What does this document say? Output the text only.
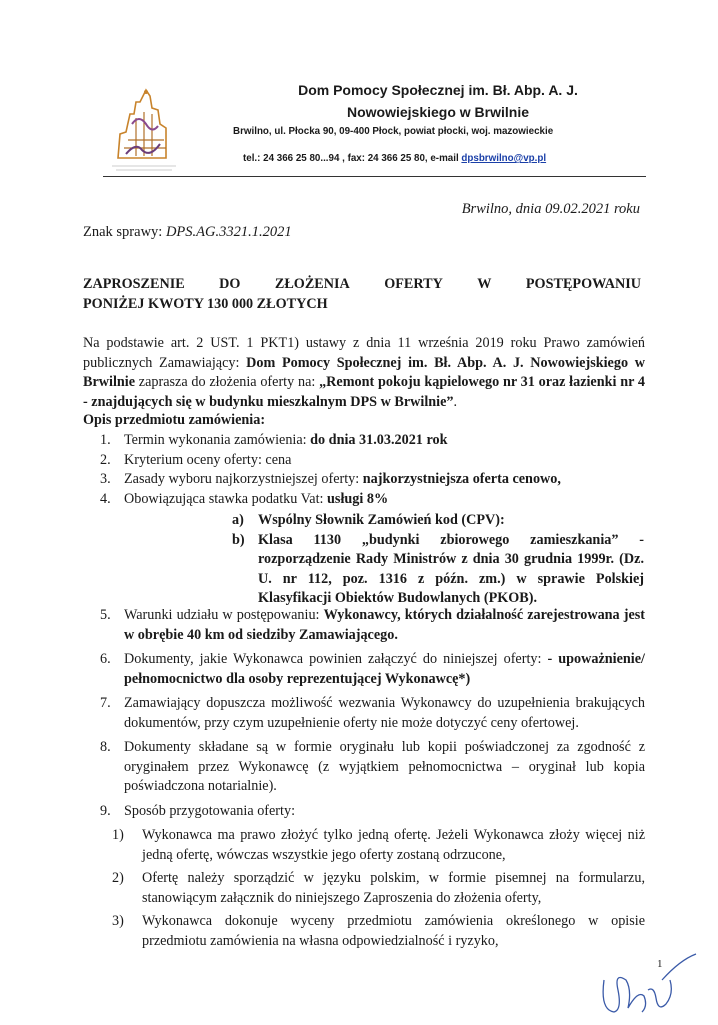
Dom Pomocy Społecznej im. Bł. Abp. A. J.
Nowowiejskiego w Brwilnie
Brwilno, ul. Płocka 90, 09-400 Płock, powiat płocki, woj. mazowieckie
tel.: 24 366 25 80...94 , fax: 24 366 25 80, e-mail dpsbrwilno@vp.pl
Brwilno, dnia 09.02.2021 roku
Znak sprawy: DPS.AG.3321.1.2021
ZAPROSZENIE DO ZŁOŻENIA OFERTY W POSTĘPOWANIU
PONIŻEJ KWOTY 130 000 ZŁOTYCH
Na podstawie art. 2 UST. 1 PKT1) ustawy z dnia 11 września 2019 roku Prawo zamówień publicznych Zamawiający: Dom Pomocy Społecznej im. Bł. Abp. A. J. Nowowiejskiego w Brwilnie zaprasza do złożenia oferty na: „Remont pokoju kąpielowego nr 31 oraz łazienki nr 4 - znajdujących się w budynku mieszkalnym DPS w Brwilnie”.
Opis przedmiotu zamówienia:
1. Termin wykonania zamówienia: do dnia 31.03.2021 rok
2. Kryterium oceny oferty: cena
3. Zasady wyboru najkorzystniejszej oferty: najkorzystniejsza oferta cenowo,
4. Obowiązująca stawka podatku Vat: usługi 8%
a) Wspólny Słownik Zamówień kod (CPV):
b) Klasa 1130 „budynki zbiorowego zamieszkania” - rozporządzenie Rady Ministrów z dnia 30 grudnia 1999r. (Dz. U. nr 112, poz. 1316 z późn. zm.) w sprawie Polskiej Klasyfikacji Obiektów Budowlanych (PKOB).
5. Warunki udziału w postępowaniu: Wykonawcy, których działalność zarejestrowana jest w obrębie 40 km od siedziby Zamawiającego.
6. Dokumenty, jakie Wykonawca powinien załączyć do niniejszej oferty: - upoważnienie/ pełnomocnictwo dla osoby reprezentującej Wykonawcę*)
7. Zamawiający dopuszcza możliwość wezwania Wykonawcy do uzupełnienia brakujących dokumentów, przy czym uzupełnienie oferty nie może dotyczyć ceny ofertowej.
8. Dokumenty składane są w formie oryginału lub kopii poświadczonej za zgodność z oryginałem przez Wykonawcę (z wyjątkiem pełnomocnictwa – oryginał lub kopia poświadczona notarialnie).
9. Sposób przygotowania oferty:
1)	Wykonawca ma prawo złożyć tylko jedną ofertę. Jeżeli Wykonawca złoży więcej niż jedną ofertę, wówczas wszystkie jego oferty zostaną odrzucone,
2)	Ofertę należy sporządzić w języku polskim, w formie pisemnej na formularzu, stanowiącym załącznik do niniejszego Zaproszenia do złożenia oferty,
3)	Wykonawca dokonuje wyceny przedmiotu zamówienia określonego w opisie przedmiotu zamówienia na własna odpowiedzialność i ryzyko,
1
